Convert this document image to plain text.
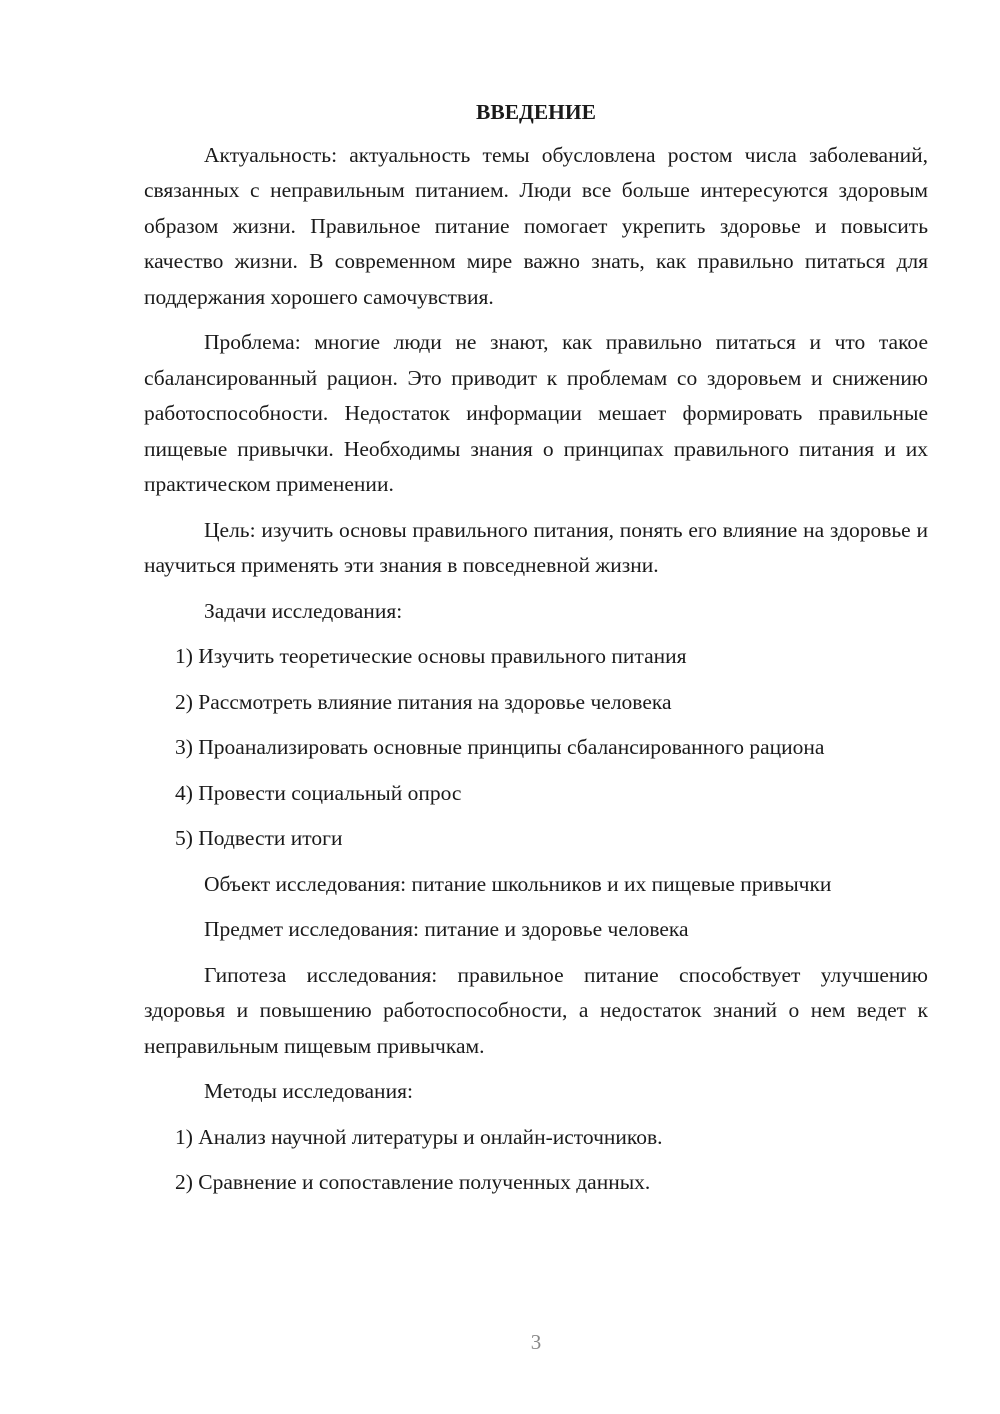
ВВЕДЕНИЕ
Актуальность: актуальность темы обусловлена ростом числа заболеваний, связанных с неправильным питанием. Люди все больше интересуются здоровым образом жизни. Правильное питание помогает укрепить здоровье и повысить качество жизни. В современном мире важно знать, как правильно питаться для поддержания хорошего самочувствия.
Проблема: многие люди не знают, как правильно питаться и что такое сбалансированный рацион. Это приводит к проблемам со здоровьем и снижению работоспособности. Недостаток информации мешает формировать правильные пищевые привычки. Необходимы знания о принципах правильного питания и их практическом применении.
Цель: изучить основы правильного питания, понять его влияние на здоровье и научиться применять эти знания в повседневной жизни.
Задачи исследования:
1) Изучить теоретические основы правильного питания
2) Рассмотреть влияние питания на здоровье человека
3) Проанализировать основные принципы сбалансированного рациона
4) Провести социальный опрос
5) Подвести итоги
Объект исследования: питание школьников и их пищевые привычки
Предмет исследования: питание и здоровье человека
Гипотеза исследования: правильное питание способствует улучшению здоровья и повышению работоспособности, а недостаток знаний о нем ведет к неправильным пищевым привычкам.
Методы исследования:
1) Анализ научной литературы и онлайн-источников.
2) Сравнение и сопоставление полученных данных.
3
